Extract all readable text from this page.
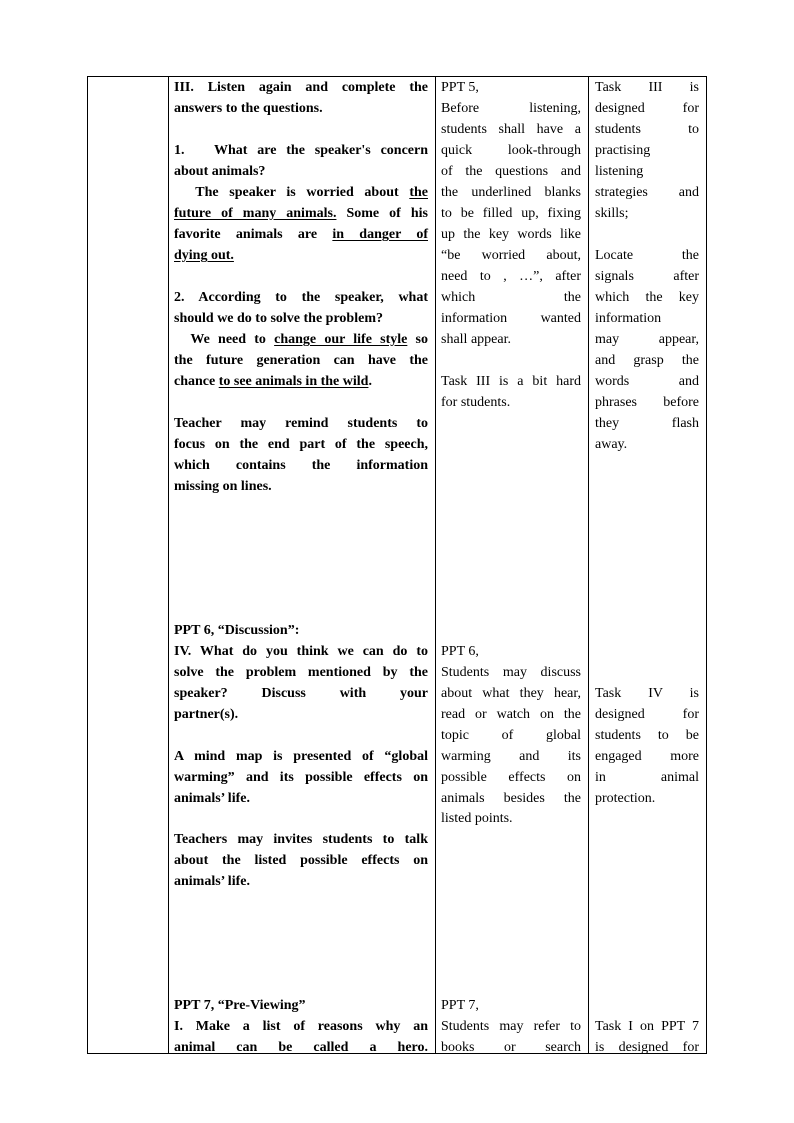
III. Listen again and complete the
answers to the questions.
1.   What are the speaker's concern
about animals?
The speaker is worried about the
future of many animals. Some of his
favorite animals are in danger of
dying out.
2. According to the speaker, what
should we do to solve the problem?
We need to change our life style so
the future generation can have the
chance to see animals in the wild.
Teacher may remind students to
focus on the end part of the speech,
which contains the information
missing on lines.
PPT 6, “Discussion”:
IV. What do you think we can do to
solve the problem mentioned by the
speaker? Discuss with your
partner(s).
A mind map is presented of “global
warming” and its possible effects on
animals’ life.
Teachers may invites students to talk
about the listed possible effects on
animals’ life.
PPT 7, “Pre-Viewing”
I. Make a list of reasons why an
animal can be called a hero.
PPT 5,
Before listening,
students shall have a
quick look-through
of the questions and
the underlined blanks
to be filled up, fixing
up the key words like
“be worried about,
need to , …”, after
which the
information wanted
shall appear.
Task III is a bit hard
for students.
PPT 6,
Students may discuss
about what they hear,
read or watch on the
topic of global
warming and its
possible effects on
animals besides the
listed points.
PPT 7,
Students may refer to
books or search
Task III is
designed for
students to
practising
listening
strategies and
skills;
Locate the
signals after
which the key
information
may appear,
and grasp the
words and
phrases before
they flash
away.
Task IV is
designed for
students to be
engaged more
in animal
protection.
Task I on PPT 7
is designed for
